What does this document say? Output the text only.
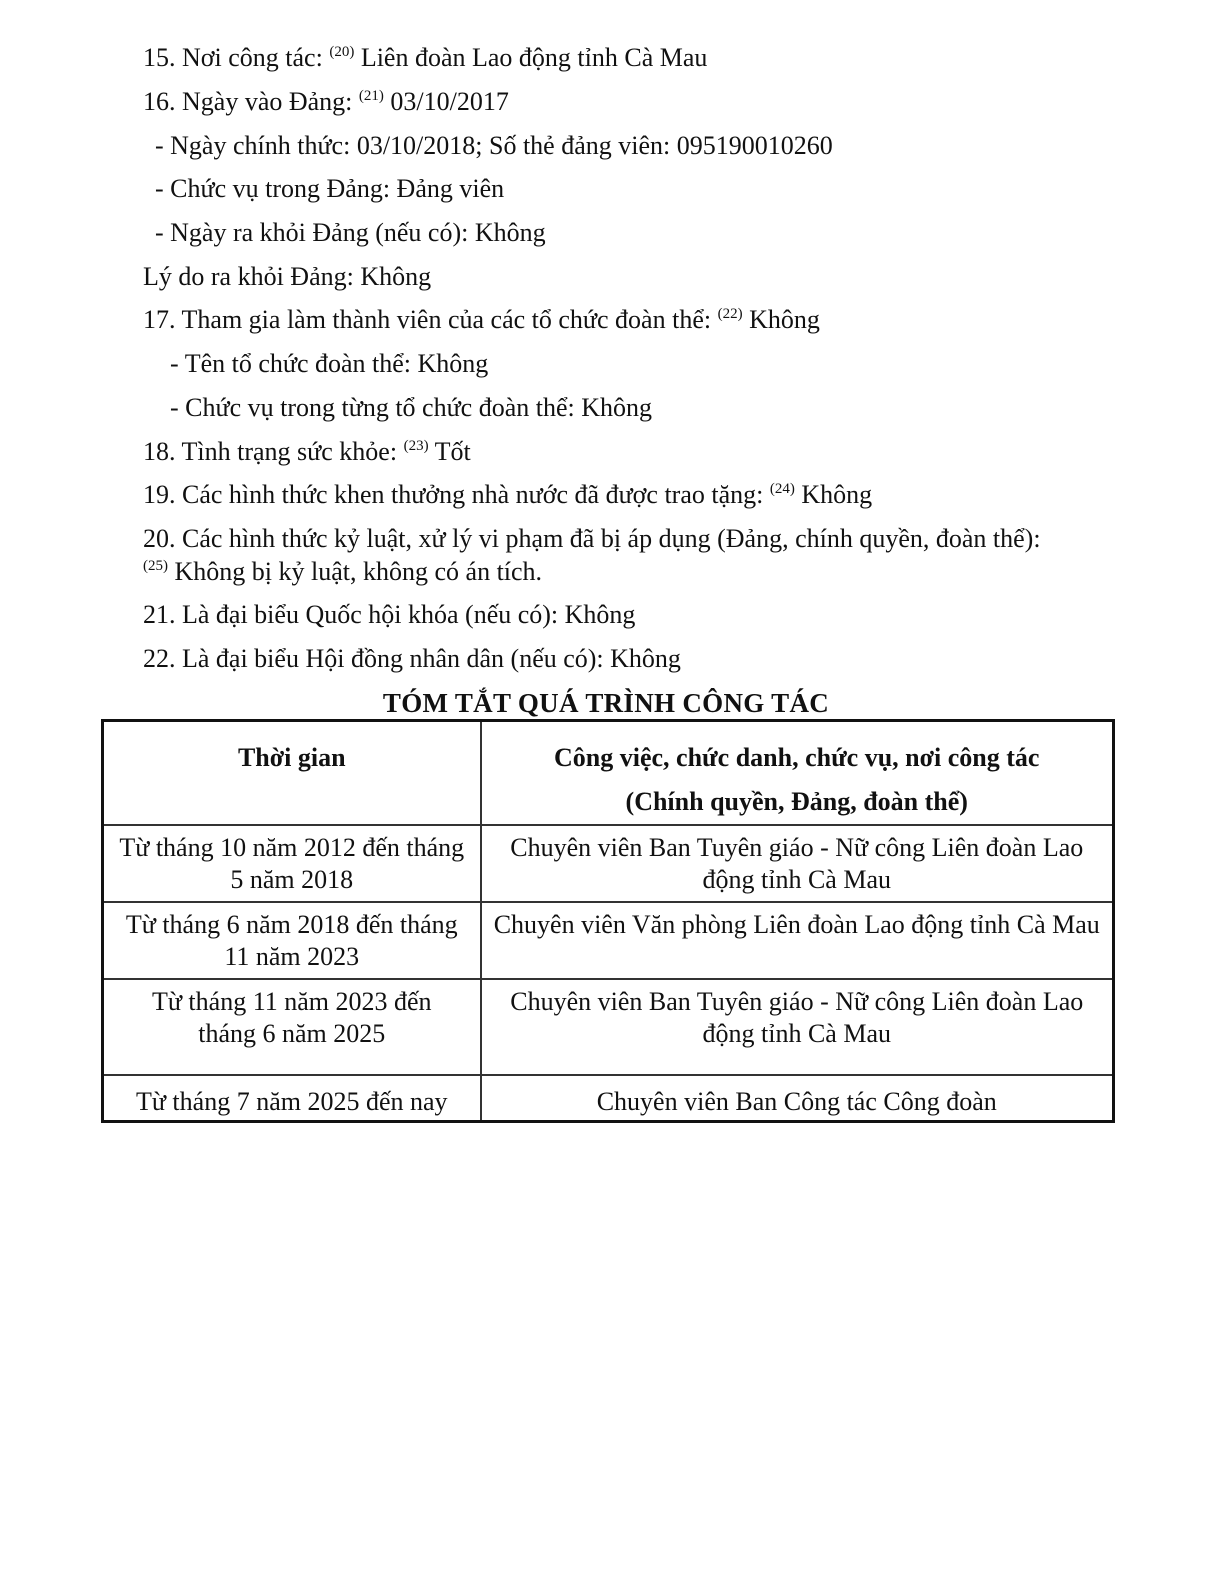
15. Nơi công tác: $^{(20)}$ Liên đoàn Lao động tỉnh Cà Mau
16. Ngày vào Đảng: $^{(21)}$ 03/10/2017
- Ngày chính thức: 03/10/2018; Số thẻ đảng viên: 095190010260
- Chức vụ trong Đảng: Đảng viên
- Ngày ra khỏi Đảng (nếu có): Không
Lý do ra khỏi Đảng: Không
17. Tham gia làm thành viên của các tổ chức đoàn thể: $^{(22)}$ Không
- Tên tổ chức đoàn thể: Không
- Chức vụ trong từng tổ chức đoàn thể: Không
18. Tình trạng sức khỏe: $^{(23)}$ Tốt
19. Các hình thức khen thưởng nhà nước đã được trao tặng: $^{(24)}$ Không
20. Các hình thức kỷ luật, xử lý vi phạm đã bị áp dụng (Đảng, chính quyền, đoàn thể):
$^{(25)}$ Không bị kỷ luật, không có án tích.
21. Là đại biểu Quốc hội khóa (nếu có): Không
22. Là đại biểu Hội đồng nhân dân (nếu có): Không
TÓM TẮT QUÁ TRÌNH CÔNG TÁC
Thời gian	Công việc, chức danh, chức vụ, nơi công tác
(Chính quyền, Đảng, đoàn thể)
Từ tháng 10 năm 2012 đến tháng 5 năm 2018	Chuyên viên Ban Tuyên giáo - Nữ công Liên đoàn Lao động tỉnh Cà Mau
Từ tháng 6 năm 2018 đến tháng 11 năm 2023	Chuyên viên Văn phòng Liên đoàn Lao động tỉnh Cà Mau
Từ tháng 11 năm 2023 đến tháng 6 năm 2025	Chuyên viên Ban Tuyên giáo - Nữ công Liên đoàn Lao động tỉnh Cà Mau
Từ tháng 7 năm 2025 đến nay	Chuyên viên Ban Công tác Công đoàn
